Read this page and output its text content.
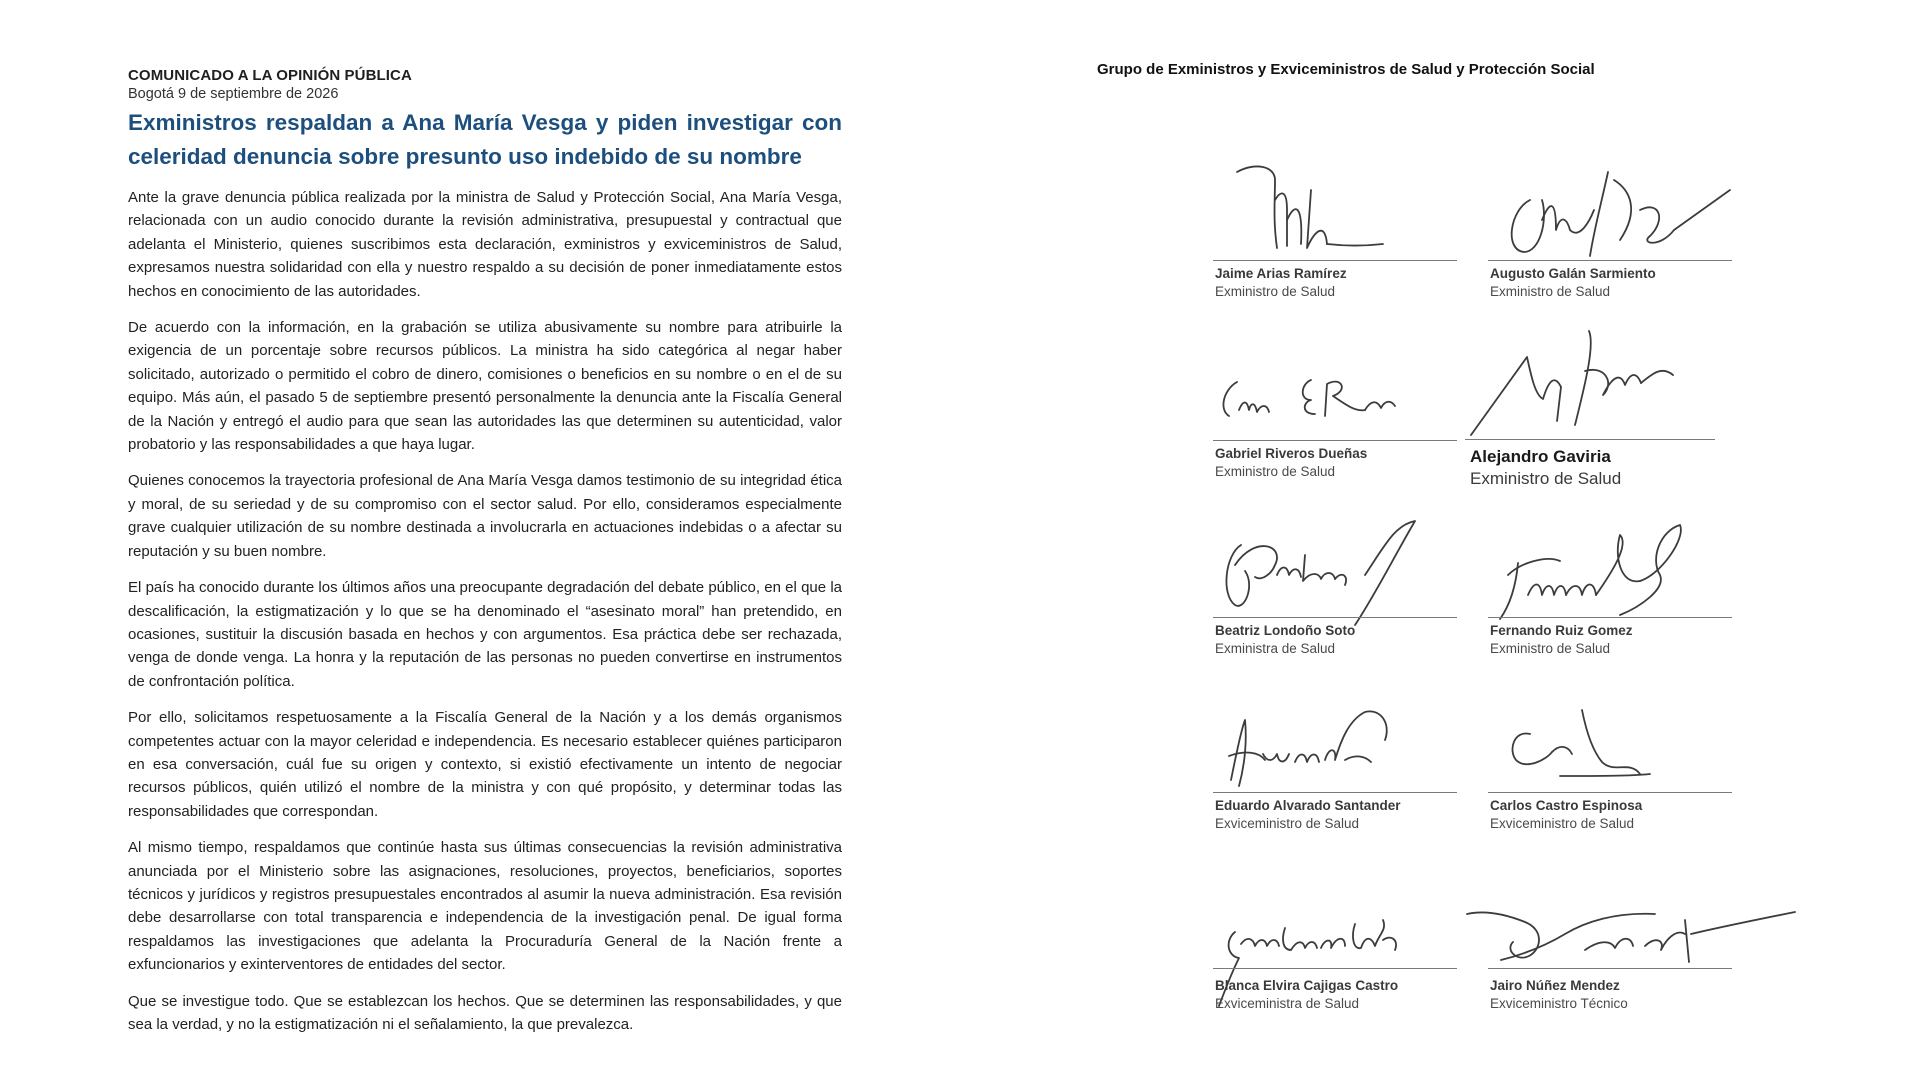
COMUNICADO A LA OPINIÓN PÚBLICA
Bogotá 9 de septiembre de 2026
Exministros respaldan a Ana María Vesga y piden investigar con celeridad denuncia sobre presunto uso indebido de su nombre

Ante la grave denuncia pública realizada por la ministra de Salud y Protección Social, Ana María Vesga, relacionada con un audio conocido durante la revisión administrativa, presupuestal y contractual que adelanta el Ministerio, quienes suscribimos esta declaración, exministros y exviceministros de Salud, expresamos nuestra solidaridad con ella y nuestro respaldo a su decisión de poner inmediatamente estos hechos en conocimiento de las autoridades.

De acuerdo con la información, en la grabación se utiliza abusivamente su nombre para atribuirle la exigencia de un porcentaje sobre recursos públicos. La ministra ha sido categórica al negar haber solicitado, autorizado o permitido el cobro de dinero, comisiones o beneficios en su nombre o en el de su equipo. Más aún, el pasado 5 de septiembre presentó personalmente la denuncia ante la Fiscalía General de la Nación y entregó el audio para que sean las autoridades las que determinen su autenticidad, valor probatorio y las responsabilidades a que haya lugar.

Quienes conocemos la trayectoria profesional de Ana María Vesga damos testimonio de su integridad ética y moral, de su seriedad y de su compromiso con el sector salud. Por ello, consideramos especialmente grave cualquier utilización de su nombre destinada a involucrarla en actuaciones indebidas o a afectar su reputación y su buen nombre.

El país ha conocido durante los últimos años una preocupante degradación del debate público, en el que la descalificación, la estigmatización y lo que se ha denominado el “asesinato moral” han pretendido, en ocasiones, sustituir la discusión basada en hechos y con argumentos. Esa práctica debe ser rechazada, venga de donde venga. La honra y la reputación de las personas no pueden convertirse en instrumentos de confrontación política.

Por ello, solicitamos respetuosamente a la Fiscalía General de la Nación y a los demás organismos competentes actuar con la mayor celeridad e independencia. Es necesario establecer quiénes participaron en esa conversación, cuál fue su origen y contexto, si existió efectivamente un intento de negociar recursos públicos, quién utilizó el nombre de la ministra y con qué propósito, y determinar todas las responsabilidades que correspondan.

Al mismo tiempo, respaldamos que continúe hasta sus últimas consecuencias la revisión administrativa anunciada por el Ministerio sobre las asignaciones, resoluciones, proyectos, beneficiarios, soportes técnicos y jurídicos y registros presupuestales encontrados al asumir la nueva administración. Esa revisión debe desarrollarse con total transparencia e independencia de la investigación penal. De igual forma respaldamos las investigaciones que adelanta la Procuraduría General de la Nación frente a exfuncionarios y exinterventores de entidades del sector.

Que se investigue todo. Que se establezcan los hechos. Que se determinen las responsabilidades, y que sea la verdad, y no la estigmatización ni el señalamiento, la que prevalezca.

Grupo de Exministros y Exviceministros de Salud y Protección Social
Jaime Arias Ramírez
Exministro de Salud
Augusto Galán Sarmiento
Exministro de Salud
Gabriel Riveros Dueñas
Exministro de Salud
Alejandro Gaviria
Exministro de Salud
Beatriz Londoño Soto
Exministra de Salud
Fernando Ruiz Gomez
Exministro de Salud
Eduardo Alvarado Santander
Exviceministro de Salud
Carlos Castro Espinosa
Exviceministro de Salud
Blanca Elvira Cajigas Castro
Exviceministra de Salud
Jairo Núñez Mendez
Exviceministro Técnico
